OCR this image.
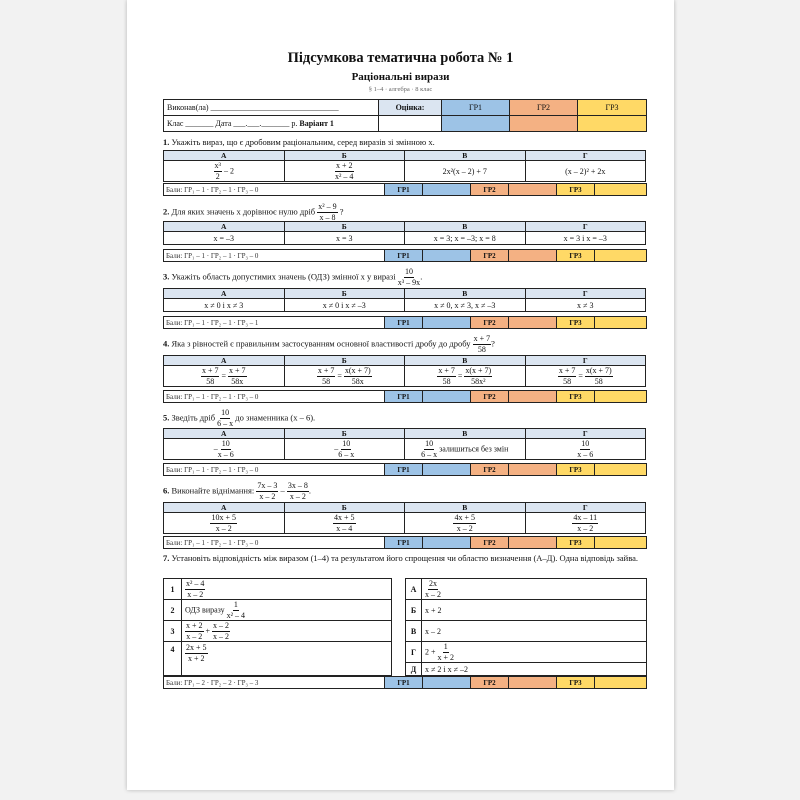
Підсумкова тематична робота № 1
Раціональні вирази
§ 1–4 · алгебра · 8 клас
Виконав(ла) ________________________________	Оцінка:	ГР1	ГР2	ГР3
Клас _______ Дата ___.___._______ р. Варіант 1				
1. Укажіть вираз, що є дробовим раціональним, серед виразів зі змінною x.
А	Б	В	Г

$\frac{\text{x³}}{2} - 2$	$\frac{x + 2}{\text{x² – 4}}$	2x²(x – 2) + 7	(x – 2)² + 2x
Бали: ГР₁ – 1 · ГР₂ – 1 · ГР₃ – 0	ГР1		ГР2		ГР3	
2. Для яких значень x дорівнює нулю дріб $\frac{\text{x² – 9}}{x - 8}$ ?
А	Б	В	Г
x = –3	x = 3	x = 3; x = –3; x = 8	x = 3 і x = –3
Бали: ГР₁ – 1 · ГР₂ – 1 · ГР₃ – 0	ГР1		ГР2		ГР3	
3. Укажіть область допустимих значень (ОДЗ) змінної x у виразі $\frac{10}{\text{x³ – 9x}}$ .
А	Б	В	Г
x ≠ 0 і x ≠ 3	x ≠ 0 і x ≠ –3	x ≠ 0, x ≠ 3, x ≠ –3	x ≠ 3
Бали: ГР₁ – 1 · ГР₂ – 1 · ГР₃ – 1	ГР1		ГР2		ГР3	
4. Яка з рівностей є правильним застосуванням основної властивості дробу до дробу $\frac{x + 7}{58}$ ?
А	Б	В	Г

$\frac{x + 7}{58} = \frac{x + 7}{58x}$	$\frac{x + 7}{58} = \frac{x(x + 7)}{58x}$	$\frac{x + 7}{58} = \frac{x(x + 7)}{\text{58x²}}$	$\frac{x + 7}{58} = \frac{x(x + 7)}{58}$
Бали: ГР₁ – 1 · ГР₂ – 1 · ГР₃ – 0	ГР1		ГР2		ГР3	
5. Зведіть дріб $\frac{10}{6 - x}$ до знаменника (x – 6).
А	Б	В	Г
– $\frac{10}{x - 6}$	– $\frac{10}{6 - x}$	$\frac{10}{6 - x}$ залишиться без змін	$\frac{10}{x - 6}$
Бали: ГР₁ – 1 · ГР₂ – 1 · ГР₃ – 0	ГР1		ГР2		ГР3	
6. Виконайте віднімання: $\frac{7x - 3}{x - 2} - \frac{3x - 8}{x - 2}$ .
А	Б	В	Г

$\frac{10x + 5}{x - 2}$	$\frac{4x + 5}{x - 4}$	$\frac{4x + 5}{x - 2}$	$\frac{4x - 11}{x - 2}$
Бали: ГР₁ – 1 · ГР₂ – 1 · ГР₃ – 0	ГР1		ГР2		ГР3	
7. Установіть відповідність між виразом (1–4) та результатом його спрощення чи областю визначення (А–Д). Одна відповідь зайва.
1	$\frac{\text{x² – 4}}{x - 2}$		А	$\frac{2x}{x - 2}$

2	ОДЗ виразу $\frac{1}{\text{x² – 4}}$		Б	x + 2
3	$\frac{x + 2}{x - 2} + \frac{x - 2}{x - 2}$		В	x – 2
4	$\frac{2x + 5}{x + 2}$		Г	$2 + \frac{1}{x + 2}$

			Д	x ≠ 2 і x ≠ –2
Бали: ГР₁ – 2 · ГР₂ – 2 · ГР₃ – 3	ГР1		ГР2		ГР3	
